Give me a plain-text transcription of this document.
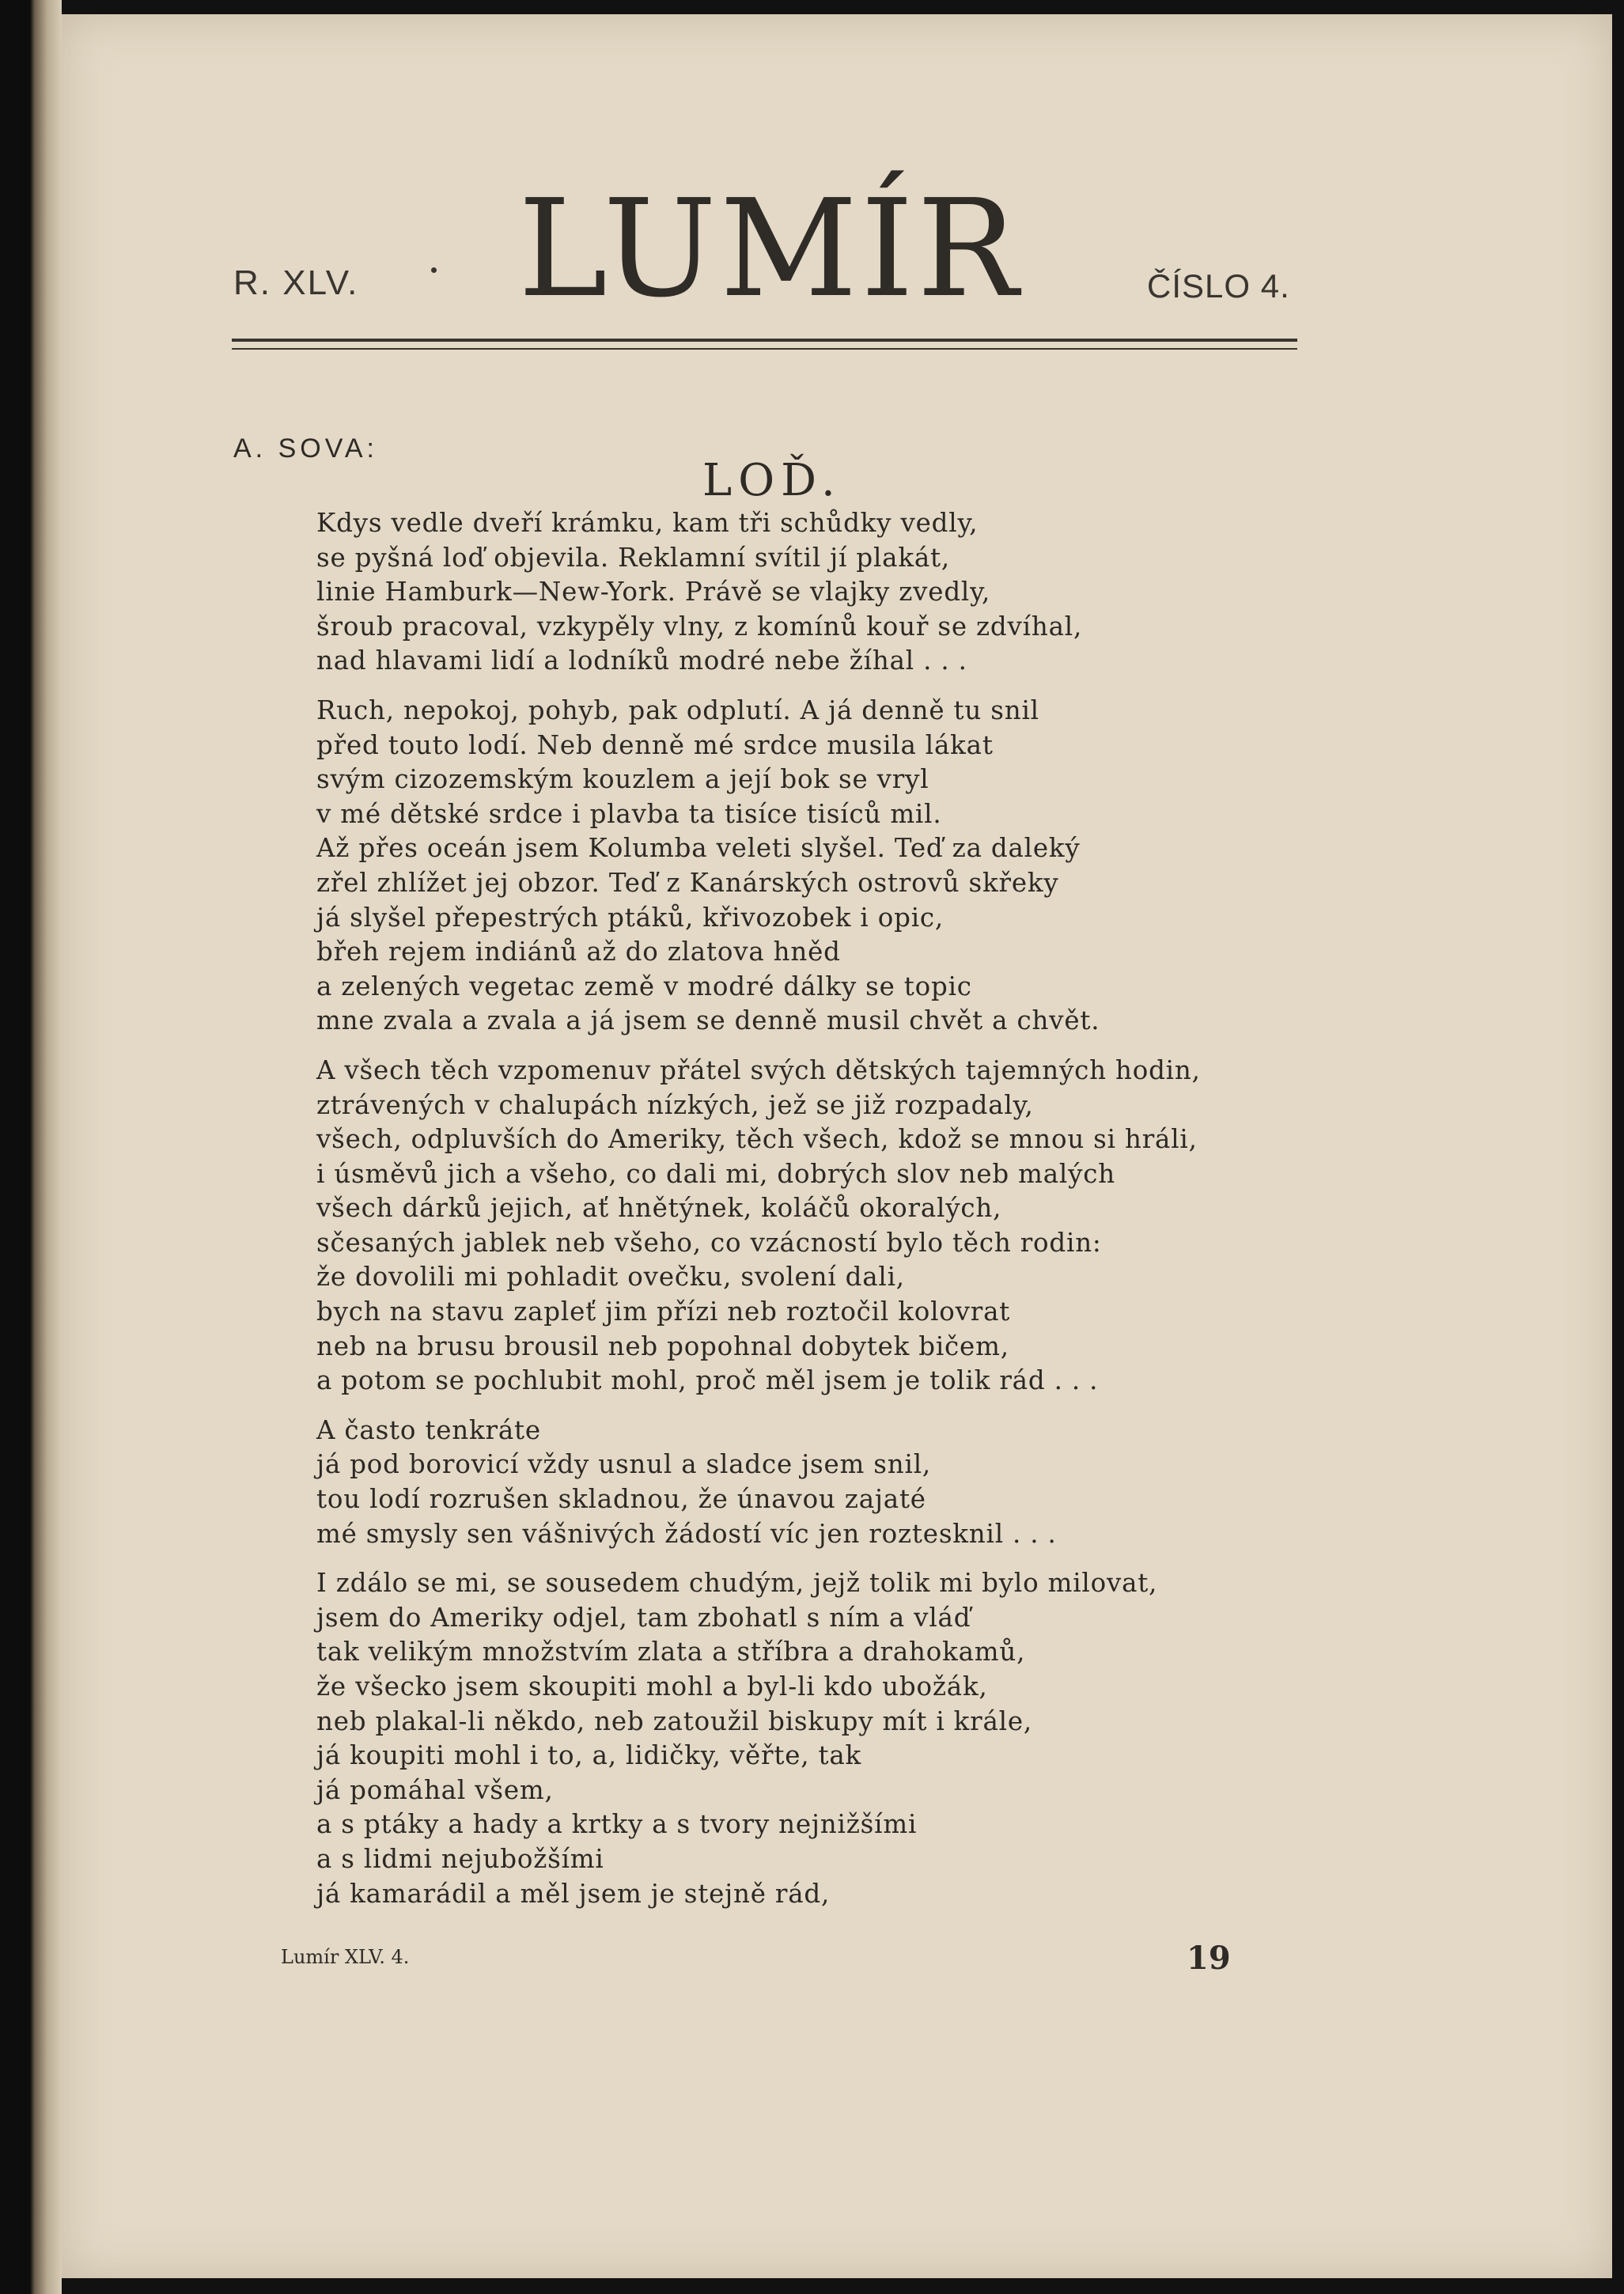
R. XLV. LUMÍR	ČÍSLO 4.
A. SOVA:
LOĎ.
Kdys vedle dveří krámku, kam tři schůdky vedly,
se pyšná loď objevila. Reklamní svítil jí plakát,
linie Hamburk—New-York. Právě se vlajky zvedly,
šroub pracoval, vzkypěly vlny, z komínů kouř se zdvíhal,
nad hlavami lidí a lodníků modré nebe žíhal . . .
Ruch, nepokoj, pohyb, pak odplutí. A já denně tu snil
před touto lodí. Neb denně mé srdce musila lákat
svým cizozemským kouzlem a její bok se vryl
v mé dětské srdce i plavba ta tisíce tisíců mil.
Až přes oceán jsem Kolumba veleti slyšel. Teď za daleký
zřel zhlížet jej obzor. Teď z Kanárských ostrovů skřeky
já slyšel přepestrých ptáků, křivozobek i opic,
břeh rejem indiánů až do zlatova hněd
a zelených vegetac země v modré dálky se topic
mne zvala a zvala a já jsem se denně musil chvět a chvět.
A všech těch vzpomenuv přátel svých dětských tajemných hodin,
ztrávených v chalupách nízkých, jež se již rozpadaly,
všech, odpluvších do Ameriky, těch všech, kdož se mnou si hráli,
i úsměvů jich a všeho, co dali mi, dobrých slov neb malých
všech dárků jejich, ať hnětýnek, koláčů okoralých,
sčesaných jablek neb všeho, co vzácností bylo těch rodin:
že dovolili mi pohladit ovečku, svolení dali,
bych na stavu zapleť jim přízi neb roztočil kolovrat
neb na brusu brousil neb popohnal dobytek bičem,
a potom se pochlubit mohl, proč měl jsem je tolik rád . . .
A často tenkráte
já pod borovicí vždy usnul a sladce jsem snil,
tou lodí rozrušen skladnou, že únavou zajaté
mé smysly sen vášnivých žádostí víc jen roztesknil . . .
I zdálo se mi, se sousedem chudým, jejž tolik mi bylo milovat,
jsem do Ameriky odjel, tam zbohatl s ním a vláď
tak velikým množstvím zlata a stříbra a drahokamů,
že všecko jsem skoupiti mohl a byl-li kdo ubožák,
neb plakal-li někdo, neb zatoužil biskupy mít i krále,
já koupiti mohl i to, a, lidičky, věřte, tak
já pomáhal všem,
a s ptáky a hady a krtky a s tvory nejnižšími
a s lidmi nejubožšími
já kamarádil a měl jsem je stejně rád,
Lumír XLV. 4.	19
